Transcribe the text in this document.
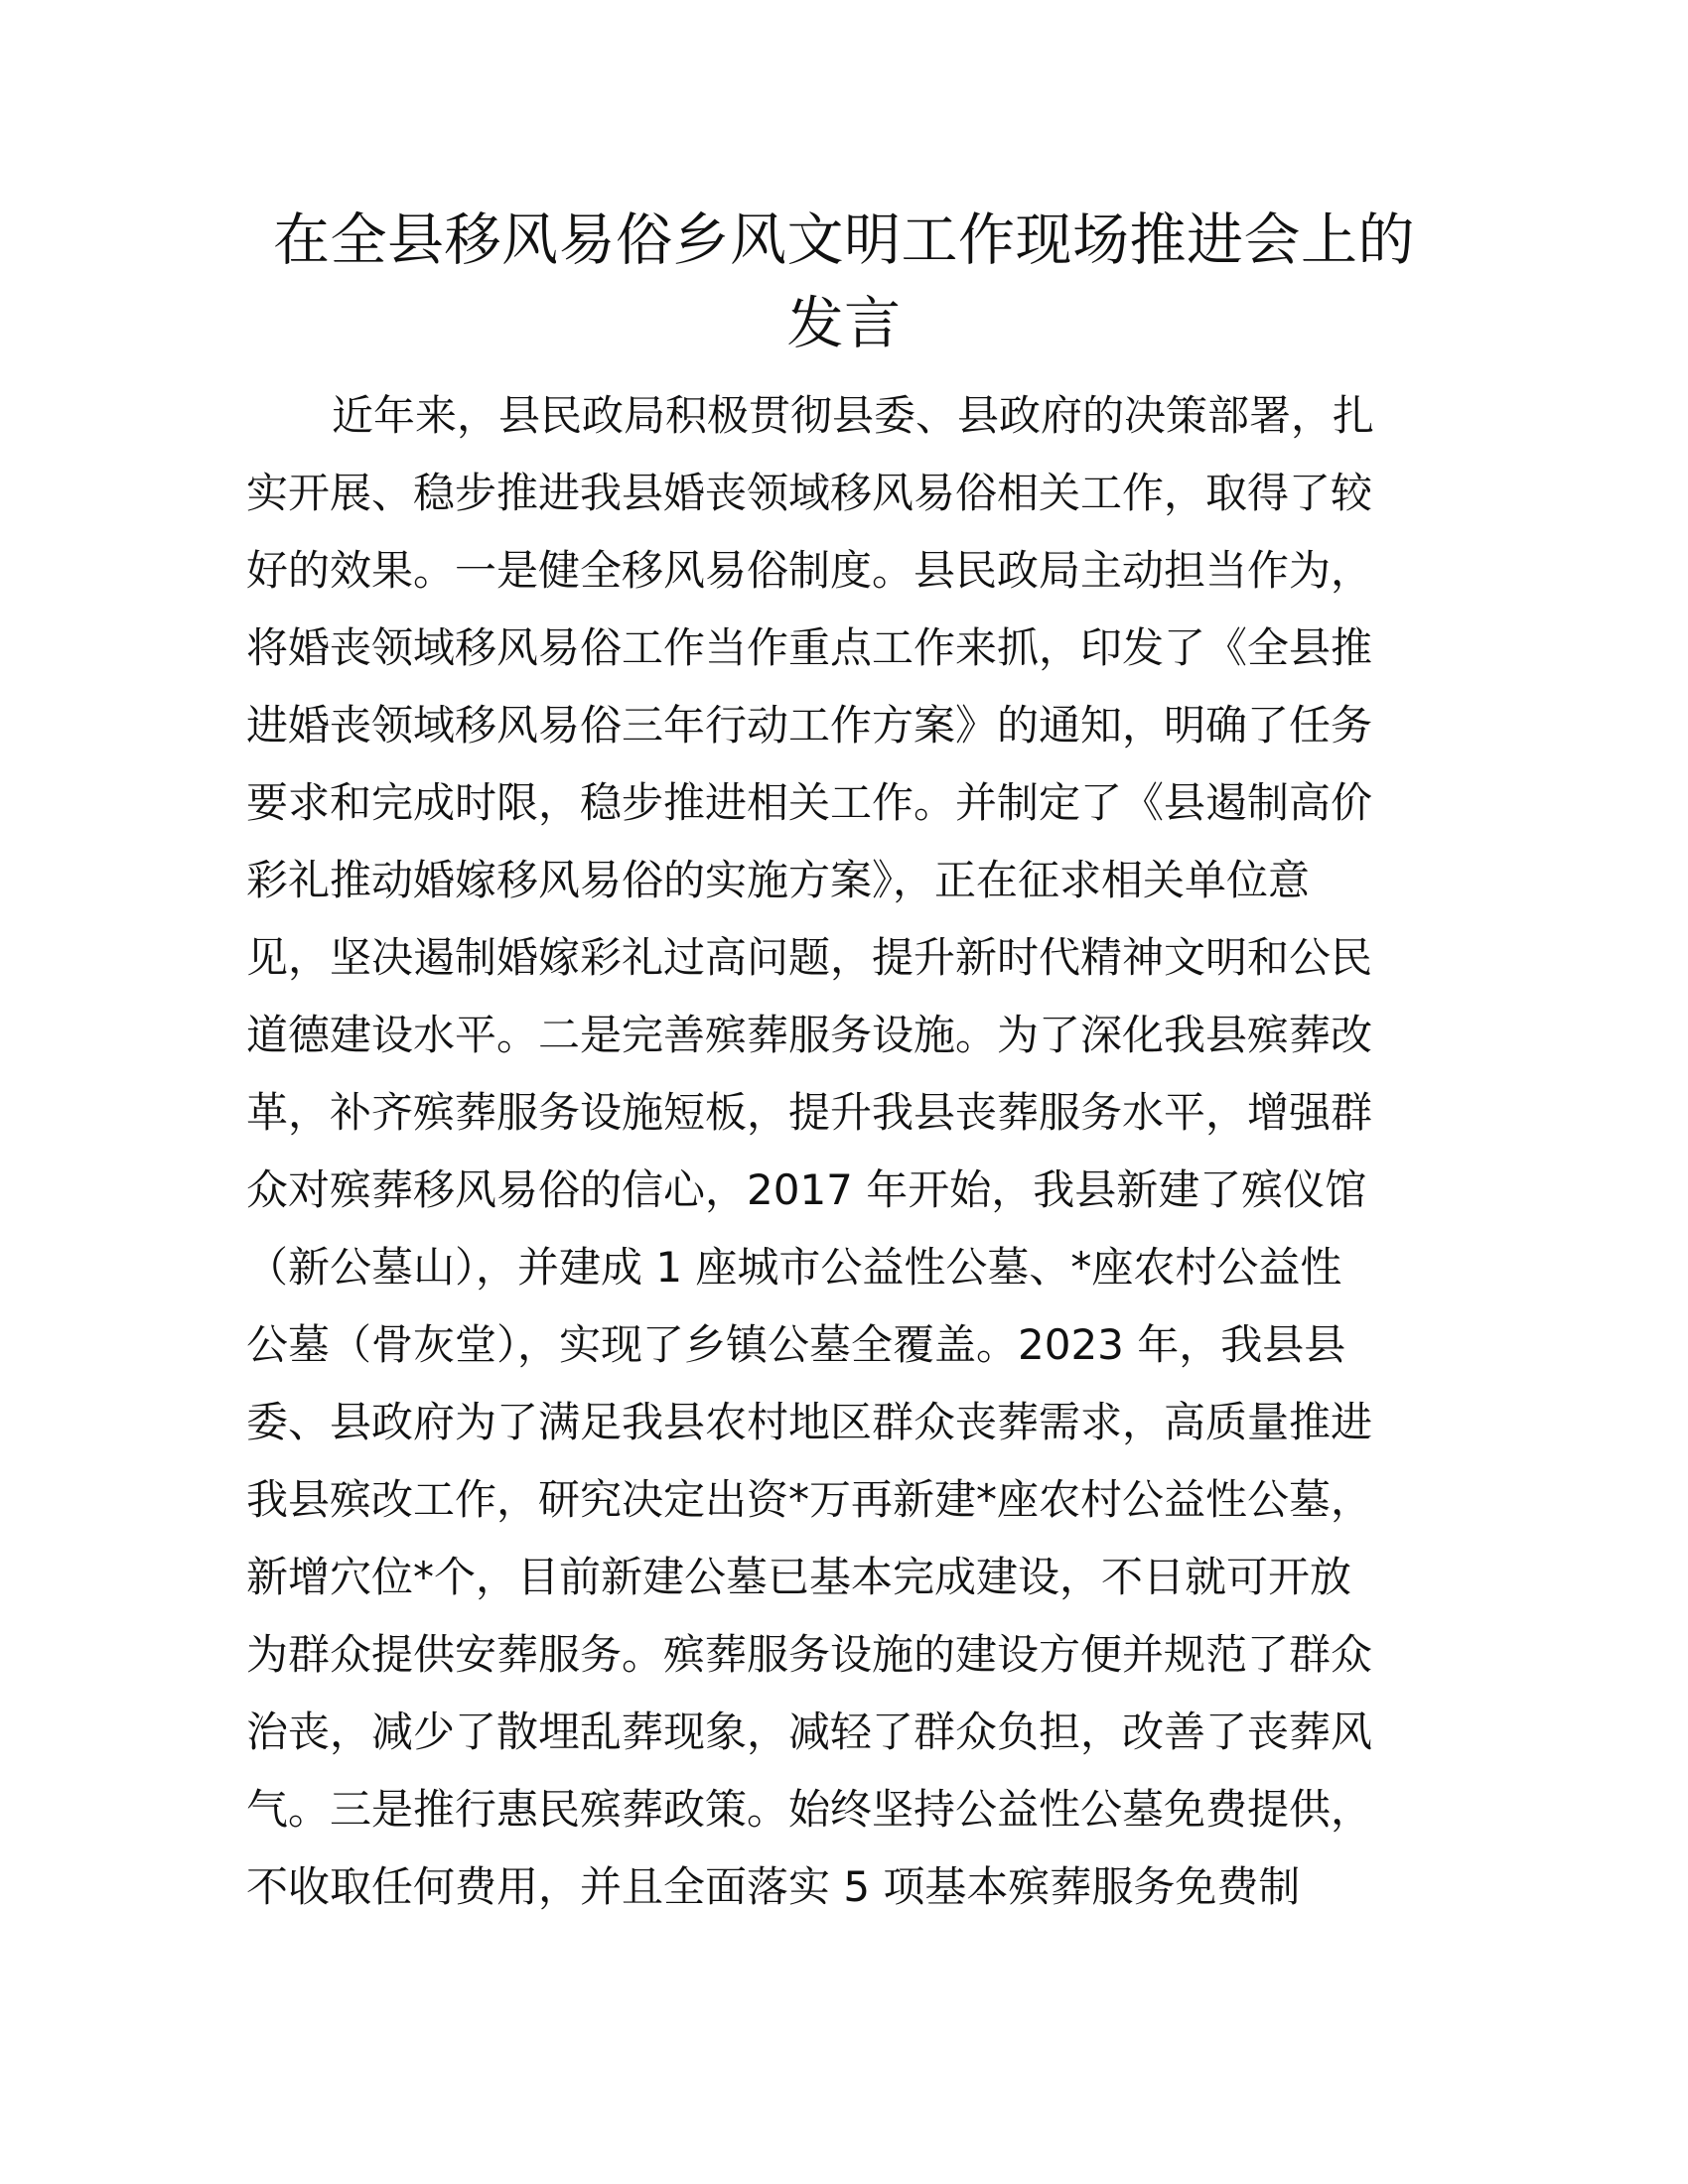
在全县移风易俗乡风文明工作现场推进会上的
发言
近年来，县民政局积极贯彻县委、县政府的决策部署，扎
实开展、稳步推进我县婚丧领域移风易俗相关工作，取得了较
好的效果。一是健全移风易俗制度。县民政局主动担当作为，
将婚丧领域移风易俗工作当作重点工作来抓，印发了《全县推
进婚丧领域移风易俗三年行动工作方案》的通知，明确了任务
要求和完成时限，稳步推进相关工作。并制定了《县遏制高价
彩礼推动婚嫁移风易俗的实施方案》，正在征求相关单位意
见，坚决遏制婚嫁彩礼过高问题，提升新时代精神文明和公民
道德建设水平。二是完善殡葬服务设施。为了深化我县殡葬改
革，补齐殡葬服务设施短板，提升我县丧葬服务水平，增强群
众对殡葬移风易俗的信心，2017 年开始，我县新建了殡仪馆
（新公墓山），并建成 1 座城市公益性公墓、*座农村公益性
公墓（骨灰堂），实现了乡镇公墓全覆盖。2023 年，我县县
委、县政府为了满足我县农村地区群众丧葬需求，高质量推进
我县殡改工作，研究决定出资*万再新建*座农村公益性公墓，
新增穴位*个，目前新建公墓已基本完成建设，不日就可开放
为群众提供安葬服务。殡葬服务设施的建设方便并规范了群众
治丧，减少了散埋乱葬现象，减轻了群众负担，改善了丧葬风
气。三是推行惠民殡葬政策。始终坚持公益性公墓免费提供，
不收取任何费用，并且全面落实 5 项基本殡葬服务免费制
